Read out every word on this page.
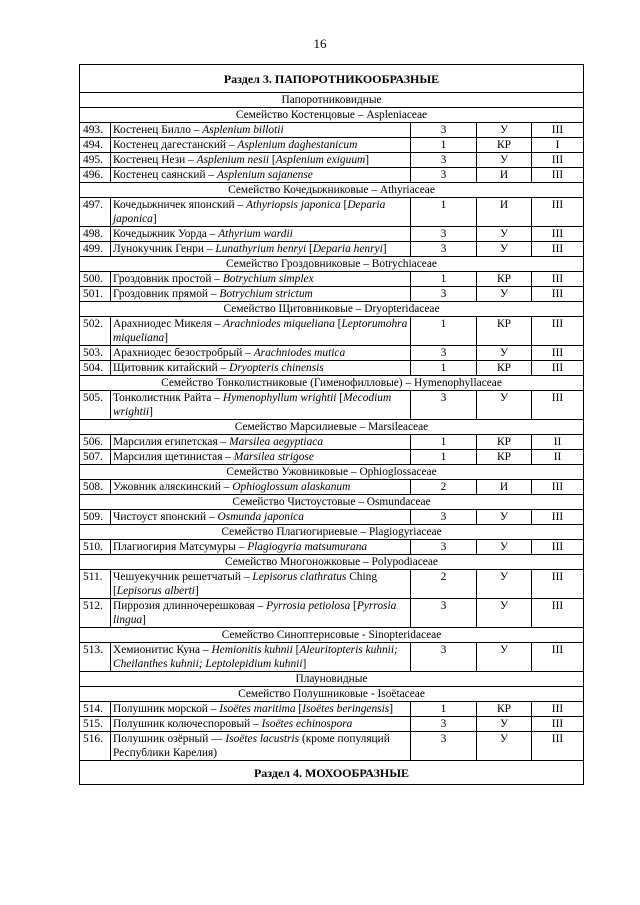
16
Раздел 3. ПАПОРОТНИКООБРАЗНЫЕ				
Папоротниковидные				
Семейство Костенцовые – Aspleniaceae				
493.	Костенец Билло – Asplenium billotii	3	У	III
494.	Костенец дагестанский – Asplenium daghestanicum	1	КР	I
495.	Костенец Нези – Asplenium nesii [Asplenium exiguum]	3	У	III
496.	Костенец саянский – Asplenium sajanense	3	И	III
Семейство Кочедыжниковые – Athyriaceae				
497.	Кочедыжничек японский – Athyriopsis japonica [Deparia japonica]	1	И	III
498.	Кочедыжник Уорда – Athyrium wardii	3	У	III
499.	Лунокучник Генри – Lunathyrium henryi [Deparia henryi]	3	У	III
Семейство Гроздовниковые – Botrychiaceae				
500.	Гроздовник простой – Botrychium simplex	1	КР	III
501.	Гроздовник прямой – Botrychium strictum	3	У	III
Семейство Щитовниковые – Dryopteridaceae				
502.	Арахниодес Микеля – Arachniodes miqueliana [Leptorumohra miqueliana]	1	КР	III
503.	Арахниодес безостробрый – Arachniodes mutica	3	У	III
504.	Щитовник китайский – Dryopteris chinensis	1	КР	III
Семейство Тонколистниковые (Гименофилловые) – Hymenophyllaceae				
505.	Тонколистник Райта – Hymenophyllum wrightii [Mecodium wrightii]	3	У	III
Семейство Марсилиевые – Marsileaceae				
506.	Марсилия египетская – Marsilea aegyptiaca	1	КР	II
507.	Марсилия щетинистая – Marsilea strigose	1	КР	II
Семейство Ужовниковые – Ophioglossaceae				
508.	Ужовник аляскинский – Ophioglossum alaskanum	2	И	III
Семейство Чистоустовые – Osmundaceae				
509.	Чистоуст японский – Osmunda japonica	3	У	III
Семейство Плагиогириевые – Plagiogyriaceae				
510.	Плагиогирия Матсумуры – Plagiogyria matsumurana	3	У	III
Семейство Многоножковые – Polypodiaceae				
511.	Чешуекучник решетчатый – Lepisorus clathratus Ching [Lepisorus alberti]	2	У	III
512.	Пиррозия длинночерешковая – Pyrrosia petiolosa [Pyrrosia lingua]	3	У	III
Семейство Синоптерисовые - Sinopteridaceae				
513.	Хемионитис Куна – Hemionitis kuhnii [Aleuritopteris kuhnii; Cheilanthes kuhnii; Leptolepidium kuhnii]	3	У	III
Плауновидные				
Семейство Полушниковые - Isoëtaceae				
514.	Полушник морской – Isoëtes maritima [Isoëtes beringensis]	1	КР	III
515.	Полушник колючеспоровый – Isoëtes echinospora	3	У	III
516.	Полушник озёрный — Isoëtes lacustris (кроме популяций Республики Карелия)	3	У	III
Раздел 4. МОХООБРАЗНЫЕ				
